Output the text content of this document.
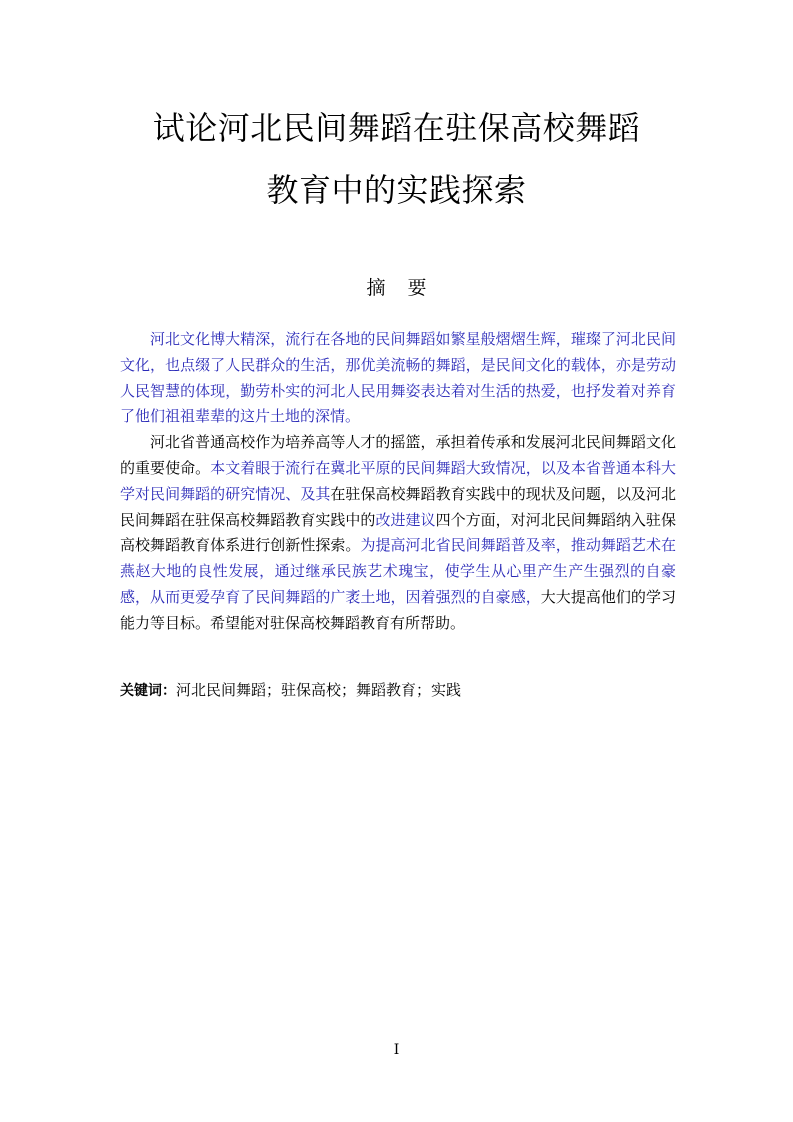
试论河北民间舞蹈在驻保高校舞蹈
教育中的实践探索
摘要

河北文化博大精深，流行在各地的民间舞蹈如繁星般熠熠生辉，璀璨了河北民间文化，也点缀了人民群众的生活，那优美流畅的舞蹈，是民间文化的载体，亦是劳动人民智慧的体现，勤劳朴实的河北人民用舞姿表达着对生活的热爱，也抒发着对养育了他们祖祖辈辈的这片土地的深情。

河北省普通高校作为培养高等人才的摇篮，承担着传承和发展河北民间舞蹈文化的重要使命。本文着眼于流行在冀北平原的民间舞蹈大致情况，以及本省普通本科大学对民间舞蹈的研究情况、及其在驻保高校舞蹈教育实践中的现状及问题，以及河北民间舞蹈在驻保高校舞蹈教育实践中的改进建议四个方面，对河北民间舞蹈纳入驻保高校舞蹈教育体系进行创新性探索。为提高河北省民间舞蹈普及率，推动舞蹈艺术在燕赵大地的良性发展，通过继承民族艺术瑰宝，使学生从心里产生产生强烈的自豪感，从而更爱孕育了民间舞蹈的广袤土地，因着强烈的自豪感，大大提高他们的学习能力等目标。希望能对驻保高校舞蹈教育有所帮助。

关键词：河北民间舞蹈；驻保高校；舞蹈教育；实践
I
